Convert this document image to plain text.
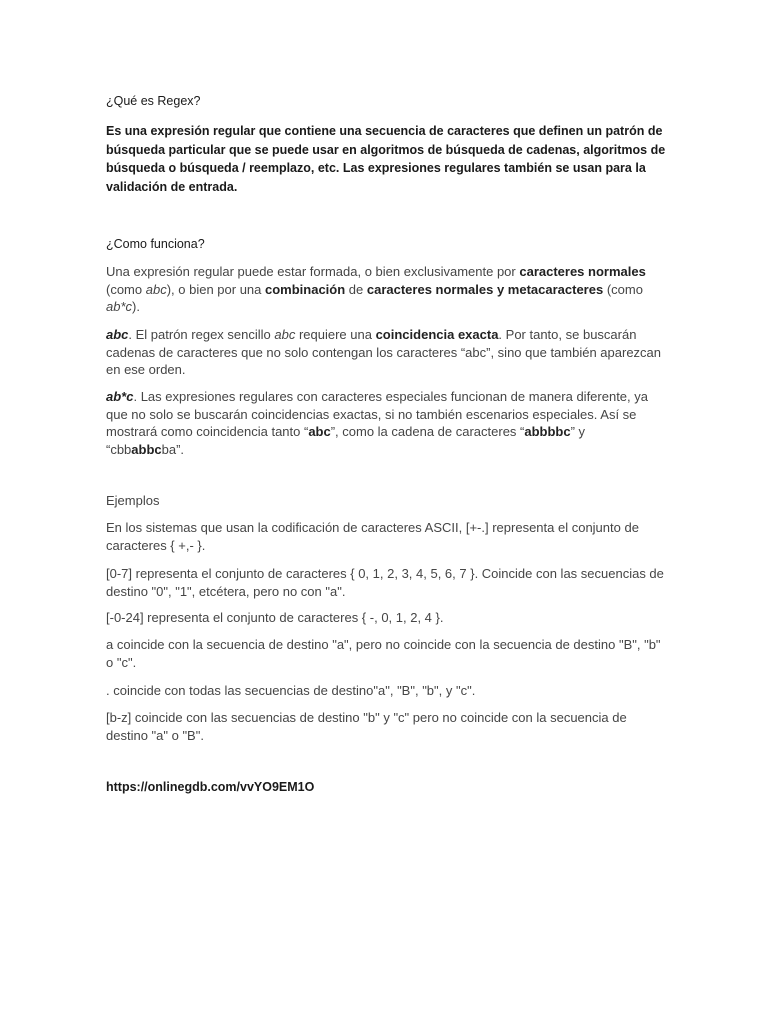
¿Qué es Regex?

Es una expresión regular que contiene una secuencia de caracteres que definen un patrón de búsqueda particular que se puede usar en algoritmos de búsqueda de cadenas, algoritmos de búsqueda o búsqueda / reemplazo, etc. Las expresiones regulares también se usan para la validación de entrada.

¿Como funciona?

Una expresión regular puede estar formada, o bien exclusivamente por caracteres normales (como abc), o bien por una combinación de caracteres normales y metacaracteres (como ab*c).

abc. El patrón regex sencillo abc requiere una coincidencia exacta. Por tanto, se buscarán cadenas de caracteres que no solo contengan los caracteres “abc”, sino que también aparezcan en ese orden.

ab*c. Las expresiones regulares con caracteres especiales funcionan de manera diferente, ya que no solo se buscarán coincidencias exactas, si no también escenarios especiales. Así se mostrará como coincidencia tanto “abc”, como la cadena de caracteres “abbbbc” y “cbbabbcba”.

Ejemplos

En los sistemas que usan la codificación de caracteres ASCII, [+-.] representa el conjunto de caracteres { +,- }.

[0-7] representa el conjunto de caracteres { 0, 1, 2, 3, 4, 5, 6, 7 }. Coincide con las secuencias de destino "0", "1", etcétera, pero no con "a".

[-0-24] representa el conjunto de caracteres { -, 0, 1, 2, 4 }.

a coincide con la secuencia de destino "a", pero no coincide con la secuencia de destino "B", "b" o "c".

. coincide con todas las secuencias de destino"a", "B", "b", y "c".

[b-z] coincide con las secuencias de destino "b" y "c" pero no coincide con la secuencia de destino "a" o "B".

https://onlinegdb.com/vvYO9EM1O
